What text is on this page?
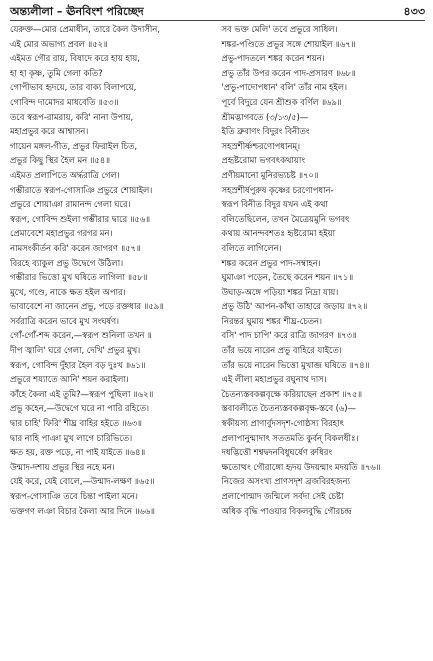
অন্ত্যলীলা – ঊনবিংশ পরিচ্ছেদ	৪৩৩
যেরুক্ত—মোর প্রেমাধীন, তারে কৈল উদাসীন,
এই মোর অভাগ্য প্রবল ॥৫২॥
এইমত গৌর রায়, বিষাদে করে হায় হায়,
হা হা কৃষ্ণ, তুমি গেলা কতি?
গোপীভাব হৃদয়ে, তার বাক্য বিলাপয়ে,
গোবিন্দ দামোদর মাধবেতি ॥৫৩॥
তবে স্বরূপ-রামরায়, করি' নানা উপায়,
মহাপ্রভুর করে আশ্বাসন।
গায়েন মঙ্গল-গীত, প্রভুর ফিরাইল চিত,
প্রভুর কিছু স্থির হৈল মন ॥৫৪॥
এইমত প্রলাপিতে অর্দ্ধরাত্রি গেল।
গম্ভীরাতে স্বরূপ-গোসাঞি প্রভুরে শোয়াইল।
প্রভুরে শোয়াঞা রামানন্দ গেলা ঘরে।
স্বরূপ, গোবিন্দ শুইলা গম্ভীরার দ্বারে ॥৫৬॥
প্রেমাবেশে মহাপ্রভুর গরগর মন।
নামসংকীর্তন করি' করেন জাগরণ ॥৫৭॥
বিরহে ব্যাকুল প্রভু উদ্বেগে উঠিলা।
গম্ভীরার ভিত্তো মুখ ঘষিতে লাগিলা ॥৫৮॥
মুখে, গণ্ডে, নাকে ক্ষত হইল অপার।
ভাবাবেশে না জানেন প্রভু, পড়ে রক্তধার ॥৫৯॥
সর্বরাত্রি করেন ভাবে মুখ সংঘর্ষণ।
গোঁ-গোঁ-শব্দ করেন,—স্বরূপ শুনিলা তখন ॥
দীপ জ্বালি' ঘরে গেলা, দেখি' প্রভুর মুখ।
স্বরূপ, গোবিন্দ দুঁহার হৈল বড় দুঃখ ॥৬১॥
প্রভুরে শয্যাতে আনি' শয়ন করাইলা।
কাঁহে কৈলা এই তুমি?—স্বরূপ পুছিলা ॥৬২॥
প্রভু কহেন,—উদ্বেগে ঘরে না পারি রহিতে।
দ্বার চাহি' ফিরি' শীঘ্র বাহির হইতে ॥৬৩॥
দ্বার নাহি পাঞা মুখ লাগে চারিভিতে।
ক্ষত হয়, রক্ত পড়ে, না পাই যাইতে ॥৬৪॥
উন্মাদ-দশায় প্রভুর স্থির নহে মন।
যেই করে, যেই বোলে,—উন্মাদ-লক্ষণ ॥৬৫॥
স্বরূপ-গোসাঞি তবে চিন্তা পাইলা মনে।
ভক্তগণ লঞা বিচার কৈলা আর দিনে ॥৬৬॥
সব ভক্ত মেলি' তবে প্রভুরে সাধিল।
শঙ্কর-পণ্ডিতে প্রভুর সঙ্গে শোয়াইল ॥৬৭॥
প্রভু-পাদতলে শঙ্কর করেন শয়ন।
প্রভু তাঁর উপর করেন পাদ-প্রসারণ ॥৬৮॥
'প্রভু-পাদোপধান' বলি' তাঁর নাম হইল।
পূর্বে বিদুরে যেন শ্রীশুক বর্ণিল ॥৬৯॥
শ্রীমদ্ভাগবতে (৩/১৩/৫)—
ইতি ব্রুবাণং বিদুরং বিনীতং
সহস্রশীর্ষ্ণশ্চরণোপধানম্।
প্রহৃষ্টরোমা ভগবৎকথায়াং
প্রণীয়মানো মুনিরভ্যচষ্ট ॥৭০॥
সহস্রশীর্ষপুরুষ কৃষ্ণের চরণোপধান-
স্বরূপ বিনীত বিদুর যখন এই কথা
বলিতেছিলেন, তখন মৈত্রেয়মুনি ভগবৎ
কথায় আনন্দবশতঃ হৃষ্টরোমা হইয়া
বলিতে লাগিলেন।
শঙ্কর করেন প্রভুর পাদ-সম্বাহন।
ঘুমাঞা পড়েন, তৈছে করেন শয়ন ॥৭১॥
উঘাড়-অঙ্গে পড়িয়া শঙ্কর নিদ্রা যায়।
প্রভু উঠি' আপন-কাঁথা তাহারে জড়ায় ॥৭২॥
নিরন্তর ঘুমায় শঙ্কর শীঘ্র-চেতন।
বসি' পাদ চাপি' করে রাত্রি জাগরণ ॥৭৩॥
তাঁর ভয়ে নারেন প্রভু বাহিরে যাইতে।
তাঁর ভয়ে নারেন ভিত্তো মুখাব্জ ঘষিতে ॥৭৪॥
এই লীলা মহাপ্রভুর রঘুনাথ দাস।
চৈতন্যস্তবকল্পবৃক্ষে করিয়াছেন প্রকাশ ॥৭৫॥
স্তবাবলীতে চৈতন্যস্তবকল্পবৃক্ষ-স্তবে (৬)—
স্বকীয়স্য প্রাণার্বুদসদৃশ-গোষ্ঠস্য বিরহাৎ
প্রলাপানুন্মাদাৎ সততমতি কুর্বন্ বিকলধীঃ।
দধদ্ভিত্তৌ শশ্বদ্বদনবিধুঘর্ষেণ রুধিরং
ক্ষতোত্থং গৌরাঙ্গো হৃদয় উদয়ন্মাং মদয়তি ॥৭৬॥
নিজের অসংখ্য প্রাণসদৃশ ব্রজবিরহজন্য
প্রলাপোন্মাদ জন্মিলে সর্বদা সেই চেষ্টা
অধিক বৃদ্ধি পাওয়ার বিকলবুদ্ধি গৌরচন্দ্র
